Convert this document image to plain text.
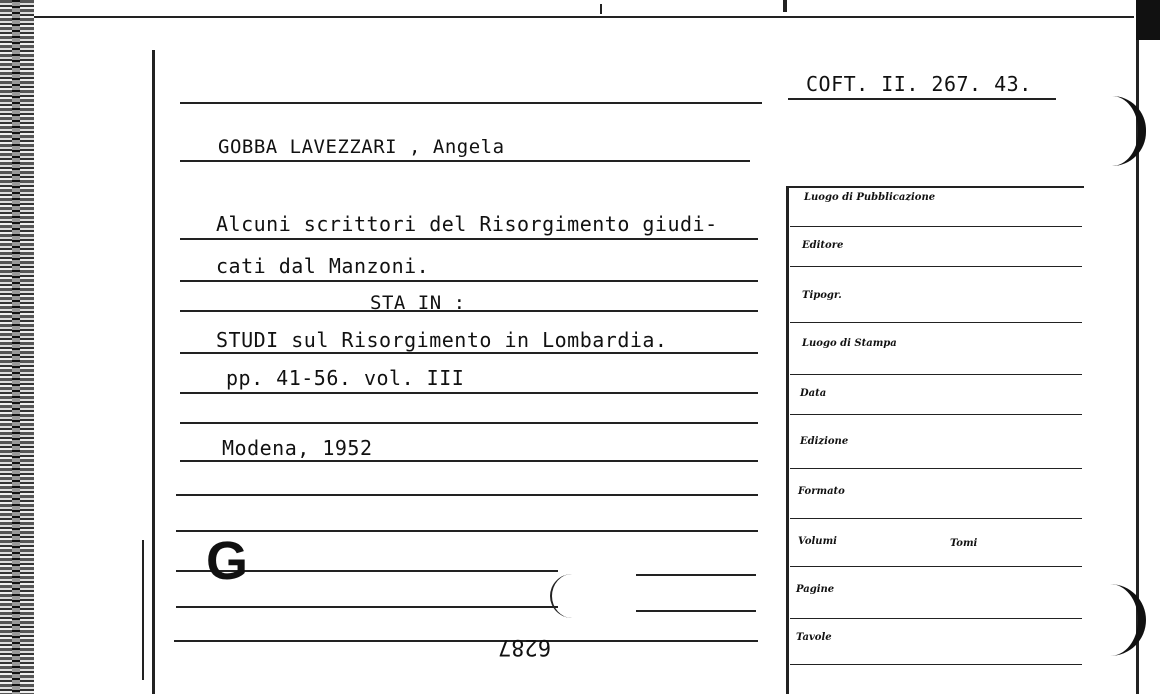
COFT. II. 267. 43.
GOBBA LAVEZZARI , Angela
Alcuni scrittori del Risorgimento giudi-
cati dal Manzoni.
STA IN :
STUDI sul Risorgimento in Lombardia.
pp. 41-56. vol. III
Modena, 1952
G
6287
Luogo di Pubblicazione
Editore
Tipogr.
Luogo di Stampa
Data
Edizione
Formato
Volumi	Tomi
Pagine
Tavole
